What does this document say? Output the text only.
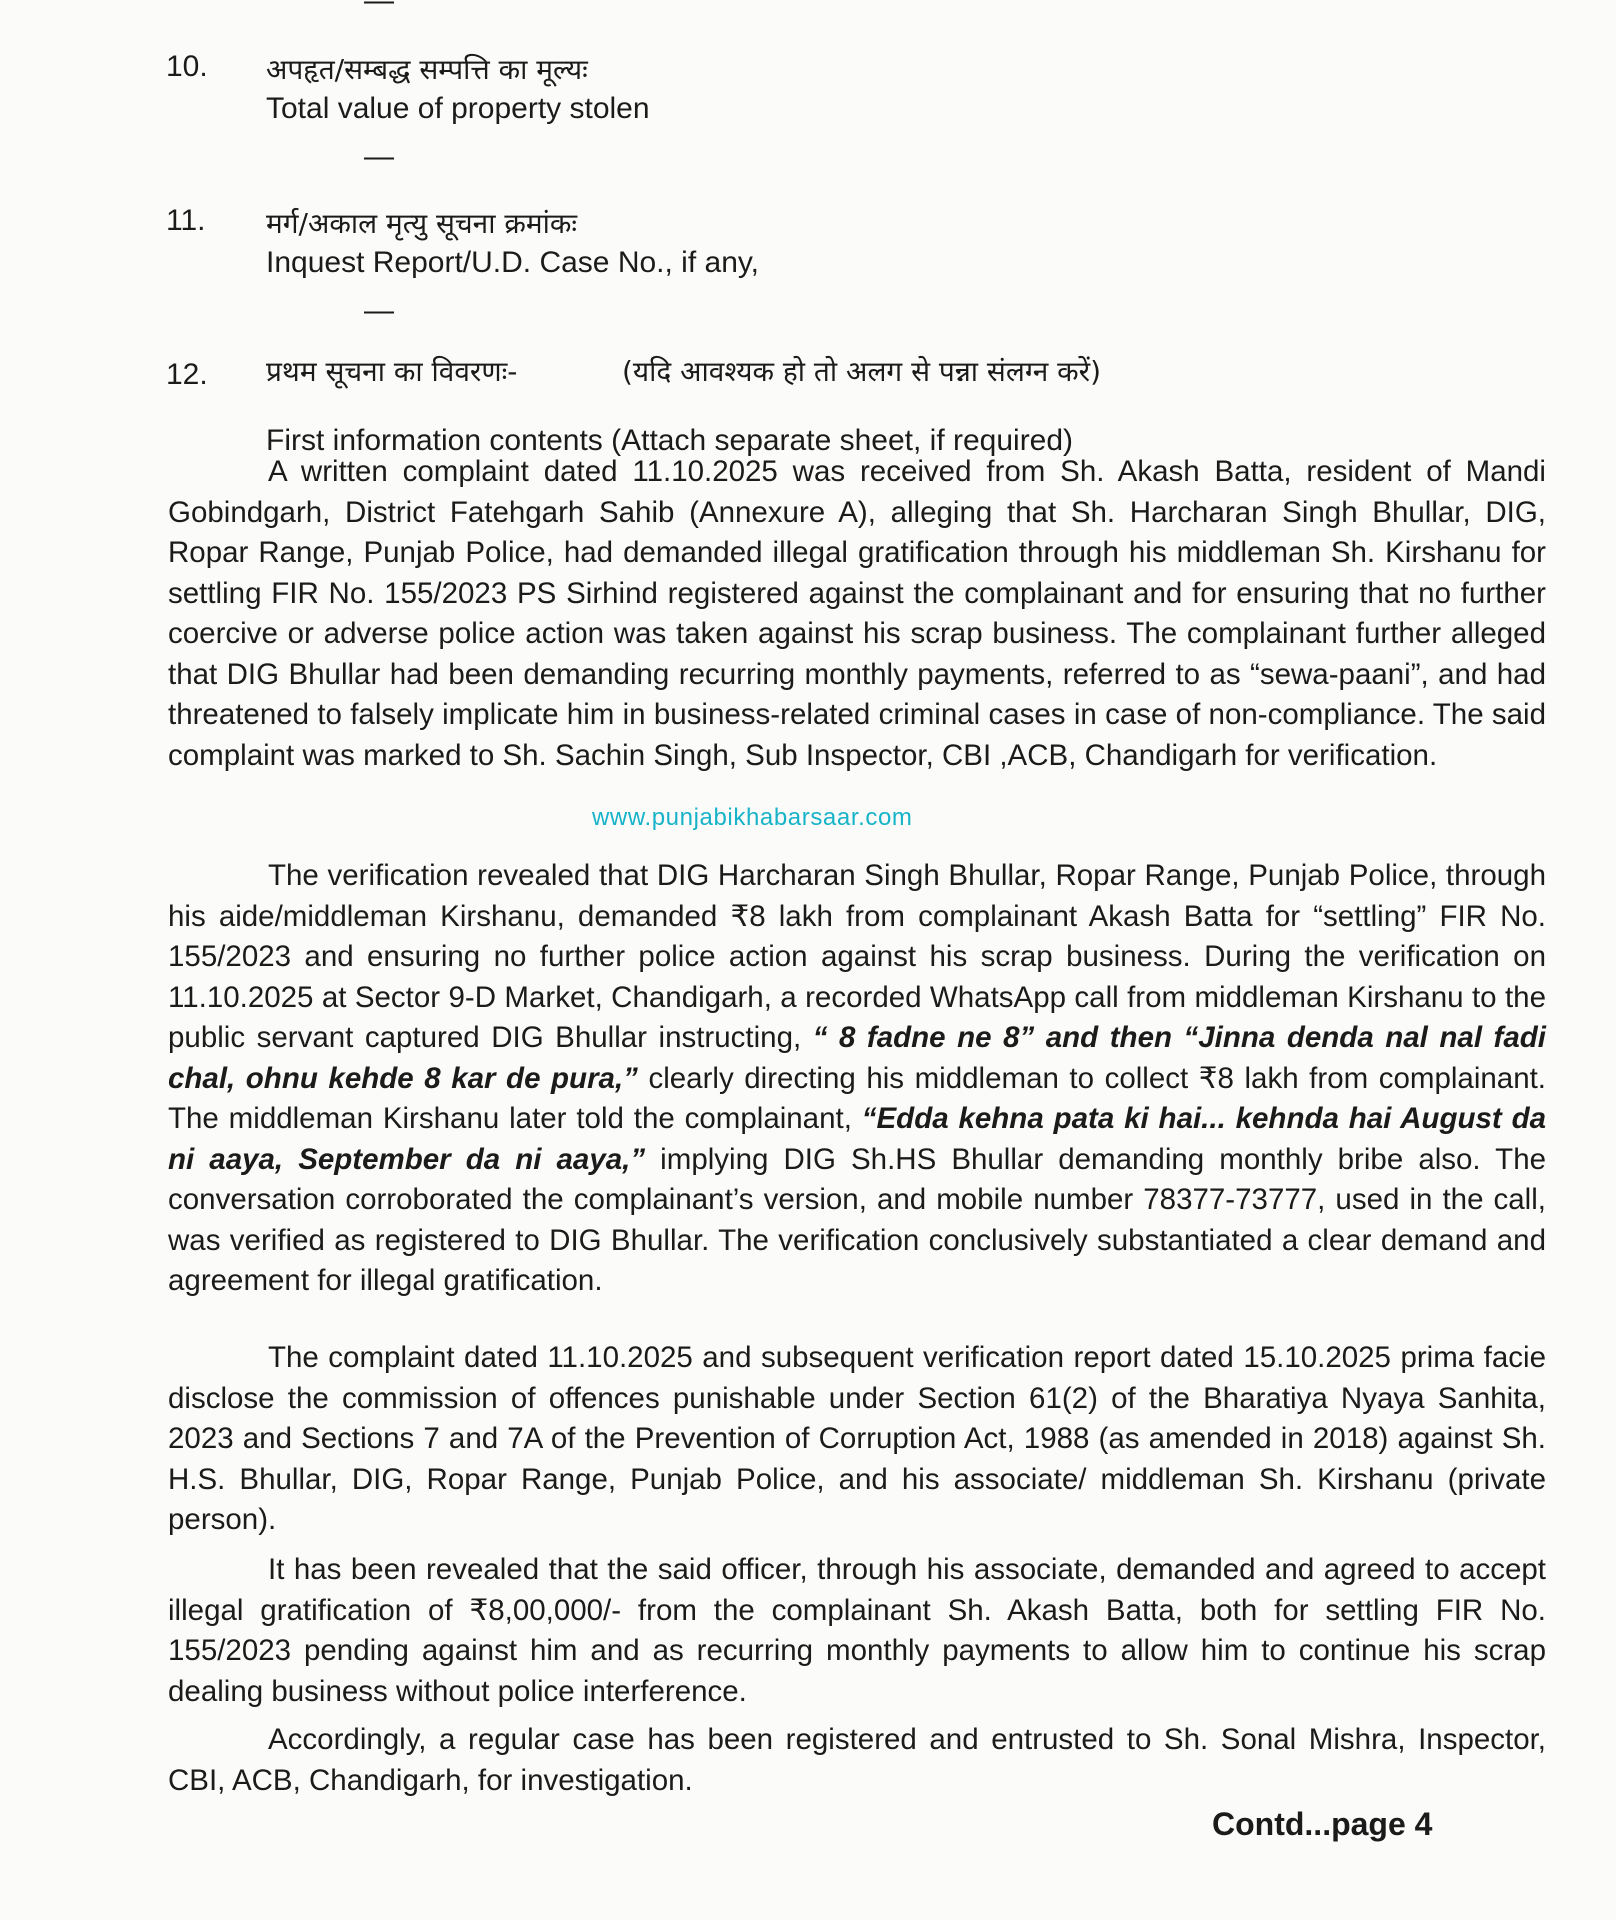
—
10. अपहृत/सम्बद्ध सम्पत्ति का मूल्यः
Total value of property stolen
—
11. मर्ग/अकाल मृत्यु सूचना क्रमांकः
Inquest Report/U.D. Case No., if any,
—
12. प्रथम सूचना का विवरणः-	(यदि आवश्यक हो तो अलग से पन्ना संलग्न करें)
First information contents (Attach separate sheet, if required)

A written complaint dated 11.10.2025 was received from Sh. Akash Batta, resident of Mandi Gobindgarh, District Fatehgarh Sahib (Annexure A), alleging that Sh. Harcharan Singh Bhullar, DIG, Ropar Range, Punjab Police, had demanded illegal gratification through his middleman Sh. Kirshanu for settling FIR No. 155/2023 PS Sirhind registered against the complainant and for ensuring that no further coercive or adverse police action was taken against his scrap business. The complainant further alleged that DIG Bhullar had been demanding recurring monthly payments, referred to as “sewa-paani”, and had threatened to falsely implicate him in business-related criminal cases in case of non-compliance. The said complaint was marked to Sh. Sachin Singh, Sub Inspector, CBI ,ACB, Chandigarh for verification.

www.punjabikhabarsaar.com

The verification revealed that DIG Harcharan Singh Bhullar, Ropar Range, Punjab Police, through his aide/middleman Kirshanu, demanded ₹8 lakh from complainant Akash Batta for “settling” FIR No. 155/2023 and ensuring no further police action against his scrap business. During the verification on 11.10.2025 at Sector 9-D Market, Chandigarh, a recorded WhatsApp call from middleman Kirshanu to the public servant captured DIG Bhullar instructing, “ 8 fadne ne 8” and then “Jinna denda nal nal fadi chal, ohnu kehde 8 kar de pura,” clearly directing his middleman to collect ₹8 lakh from complainant. The middleman Kirshanu later told the complainant, “Edda kehna pata ki hai... kehnda hai August da ni aaya, September da ni aaya,” implying DIG Sh.HS Bhullar demanding monthly bribe also. The conversation corroborated the complainant’s version, and mobile number 78377-73777, used in the call, was verified as registered to DIG Bhullar. The verification conclusively substantiated a clear demand and agreement for illegal gratification.

The complaint dated 11.10.2025 and subsequent verification report dated 15.10.2025 prima facie disclose the commission of offences punishable under Section 61(2) of the Bharatiya Nyaya Sanhita, 2023 and Sections 7 and 7A of the Prevention of Corruption Act, 1988 (as amended in 2018) against Sh. H.S. Bhullar, DIG, Ropar Range, Punjab Police, and his associate/ middleman Sh. Kirshanu (private person).

It has been revealed that the said officer, through his associate, demanded and agreed to accept illegal gratification of ₹8,00,000/- from the complainant Sh. Akash Batta, both for settling FIR No. 155/2023 pending against him and as recurring monthly payments to allow him to continue his scrap dealing business without police interference.

Accordingly, a regular case has been registered and entrusted to Sh. Sonal Mishra, Inspector, CBI, ACB, Chandigarh, for investigation.

Contd...page 4
